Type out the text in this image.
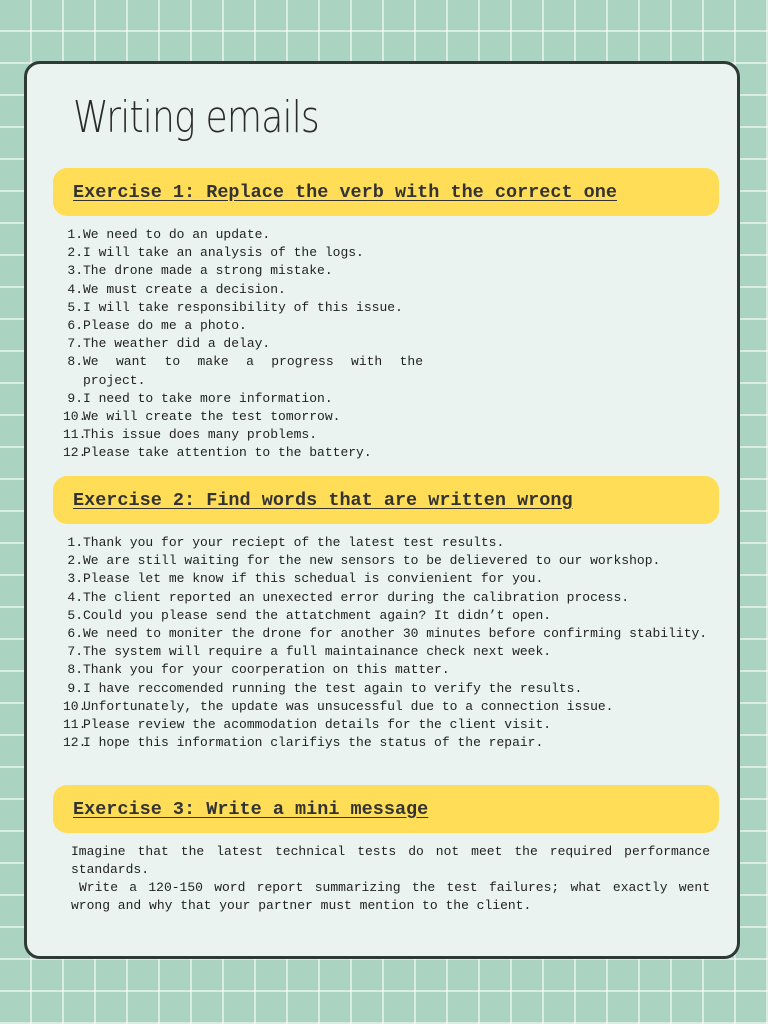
Writing emails
Exercise 1: Replace the verb with the correct one
1. We need to do an update.
2. I will take an analysis of the logs.
3. The drone made a strong mistake.
4. We must create a decision.
5. I will take responsibility of this issue.
6. Please do me a photo.
7. The weather did a delay.
8. We want to make a progress with the project.
9. I need to take more information.
10.
We will create the test tomorrow.
11.
This issue does many problems.
12.
Please take attention to the battery.
Exercise 2: Find words that are written wrong
1. Thank you for your reciept of the latest test results.
2. We are still waiting for the new sensors to be delievered to our workshop.
3. Please let me know if this schedual is convienient for you.
4. The client reported an unexected error during the calibration process.
5. Could you please send the attatchment again? It didn’t open.
6. We need to moniter the drone for another 30 minutes before confirming stability.
7. The system will require a full maintainance check next week.
8. Thank you for your coorperation on this matter.
9. I have reccomended running the test again to verify the results.
10.
Unfortunately, the update was unsucessful due to a connection issue.
11.
Please review the acommodation details for the client visit.
12.
I hope this information clarifiys the status of the repair.
Exercise 3: Write a mini message

Imagine that the latest technical tests do not meet the required performance standards.

Write a 120-150 word report summarizing the test failures; what exactly went wrong and why that your partner must mention to the client.
